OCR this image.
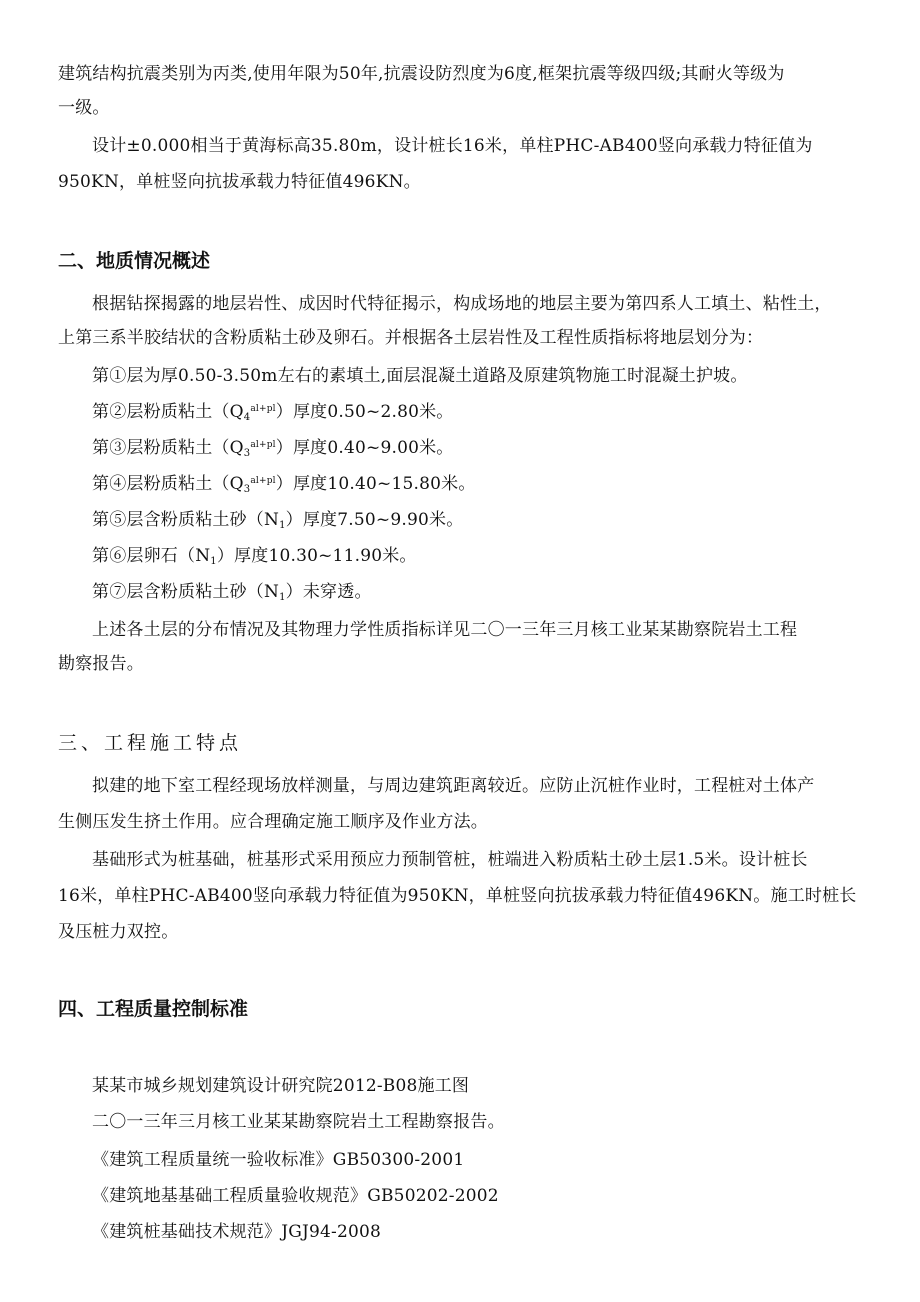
建筑结构抗震类别为丙类,使用年限为50年,抗震设防烈度为6度,框架抗震等级四级;其耐火等级为
一级。
设计±0.000相当于黄海标高35.80m，设计桩长16米，单柱PHC-AB400竖向承载力特征值为
950KN，单桩竖向抗拔承载力特征值496KN。
二、地质情况概述
根据钻探揭露的地层岩性、成因时代特征揭示，构成场地的地层主要为第四系人工填土、粘性土，
上第三系半胶结状的含粉质粘土砂及卵石。并根据各土层岩性及工程性质指标将地层划分为：
第①层为厚0.50-3.50m左右的素填土,面层混凝土道路及原建筑物施工时混凝土护坡。
第②层粉质粘土$(Q_4^{al+pl})$厚度0.50~2.80米。
第③层粉质粘土$(Q_3^{al+pl})$厚度0.40~9.00米。
第④层粉质粘土$(Q_3^{al+pl})$厚度10.40~15.80米。
第⑤层含粉质粘土砂$(N_1)$厚度7.50~9.90米。
第⑥层卵石$(N_1)$厚度10.30~11.90米。
第⑦层含粉质粘土砂$(N_1)$未穿透。
上述各土层的分布情况及其物理力学性质指标详见二〇一三年三月核工业某某勘察院岩土工程
勘察报告。
三、工程施工特点
拟建的地下室工程经现场放样测量，与周边建筑距离较近。应防止沉桩作业时，工程桩对土体产
生侧压发生挤土作用。应合理确定施工顺序及作业方法。
基础形式为桩基础，桩基形式采用预应力预制管桩，桩端进入粉质粘土砂土层1.5米。设计桩长
16米，单柱PHC-AB400竖向承载力特征值为950KN，单桩竖向抗拔承载力特征值496KN。施工时桩长
及压桩力双控。
四、工程质量控制标准
某某市城乡规划建筑设计研究院2012-B08施工图
二〇一三年三月核工业某某勘察院岩土工程勘察报告。
《建筑工程质量统一验收标准》GB50300-2001
《建筑地基基础工程质量验收规范》GB50202-2002
《建筑桩基础技术规范》JGJ94-2008
